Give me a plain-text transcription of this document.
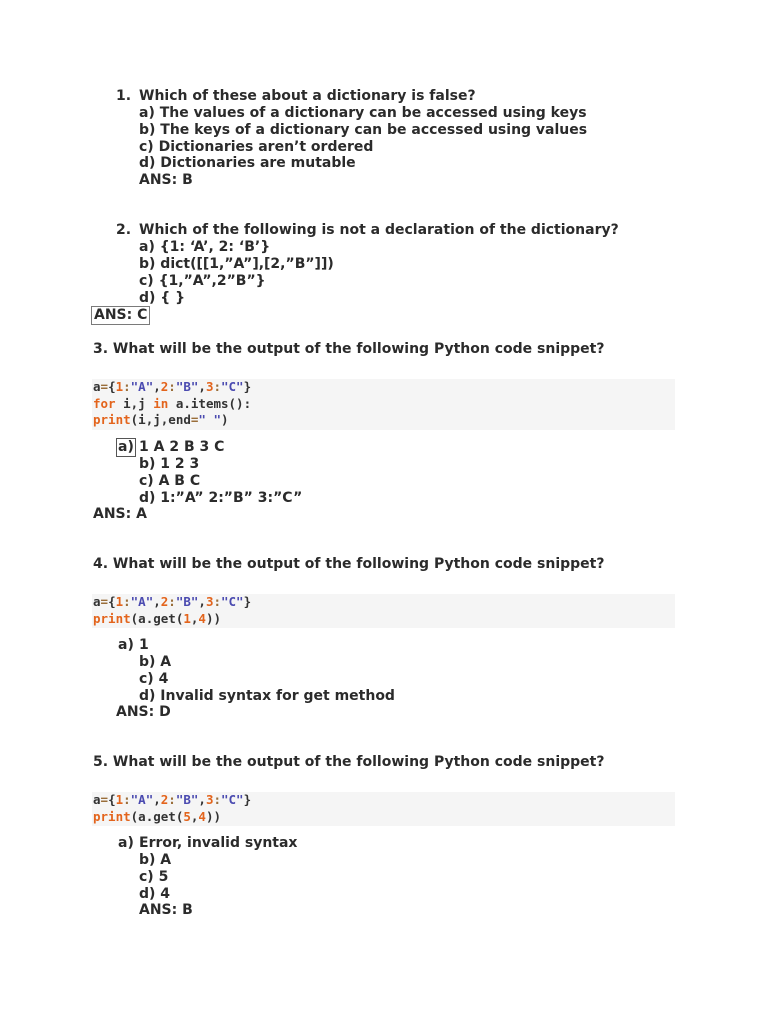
1. Which of these about a dictionary is false?
a) The values of a dictionary can be accessed using keys
b) The keys of a dictionary can be accessed using values
c) Dictionaries aren’t ordered
d) Dictionaries are mutable
ANS: B
2. Which of the following is not a declaration of the dictionary?
a) {1: ‘A’, 2: ‘B’}
b) dict([[1,”A”],[2,”B”]])
c) {1,”A”,2”B”}
d) { }
ANS: C
3. What will be the output of the following Python code snippet?
a={1:"A",2:"B",3:"C"}
for i,j in a.items():
print(i,j,end=" ")
a) 1 A 2 B 3 C
b) 1 2 3
c) A B C
d) 1:”A” 2:”B” 3:”C”
ANS: A
4. What will be the output of the following Python code snippet?
a={1:"A",2:"B",3:"C"}
print(a.get(1,4))
a) 1
b) A
c) 4
d) Invalid syntax for get method
ANS: D
5. What will be the output of the following Python code snippet?
a={1:"A",2:"B",3:"C"}
print(a.get(5,4))
a) Error, invalid syntax
b) A
c) 5
d) 4
ANS: B
